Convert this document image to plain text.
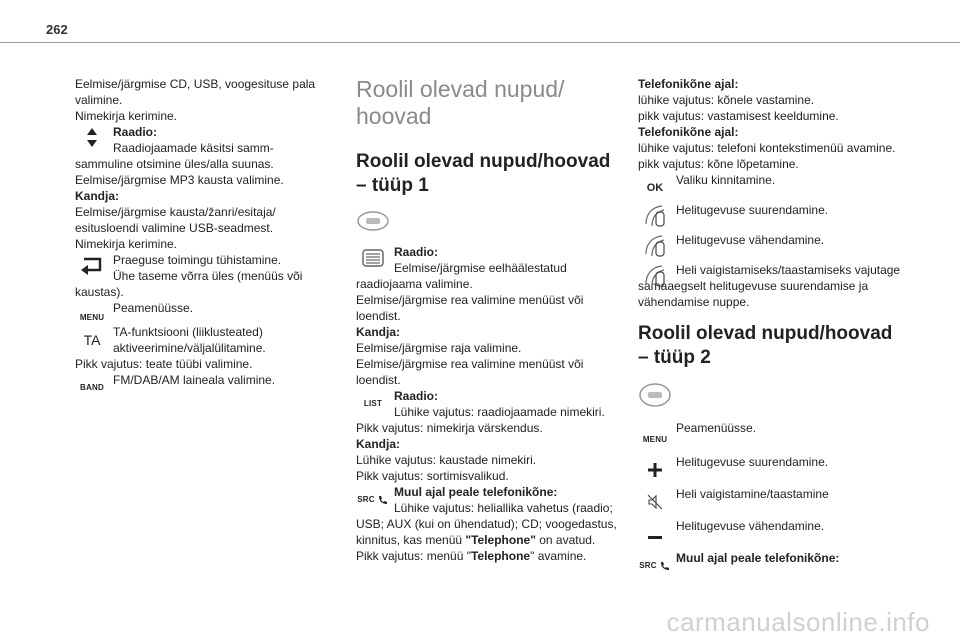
262

Eelmise/järgmise CD, USB, voogesituse pala valimine.

Nimekirja kerimine.

Raadio:

Raadiojaamade käsitsi samm-sammuline otsimine üles/alla suunas.

Eelmise/järgmise MP3 kausta valimine.

Kandja:

Eelmise/järgmise kausta/žanri/esitaja/ esitusloendi valimine USB-seadmest.

Nimekirja kerimine.

Praeguse toimingu tühistamine.

Ühe taseme võrra üles (menüüs või kaustas).

MENU

Peamenüüsse.

TA TA-funktsiooni (liiklusteated) aktiveerimine/väljalülitamine.

Pikk vajutus: teate tüübi valimine.

BAND

FM/DAB/AM laineala valimine.

Roolil olevad nupud/ hoovad
Roolil olevad nupud/hoovad – tüüp 1

Raadio:

Eelmise/järgmise eelhäälestatud raadiojaama valimine.

Eelmise/järgmise rea valimine menüüst või loendist.

Kandja:

Eelmise/järgmise raja valimine.

Eelmise/järgmise rea valimine menüüst või loendist.

LIST

Raadio:

Lühike vajutus: raadiojaamade nimekiri.

Pikk vajutus: nimekirja värskendus.

Kandja:

Lühike vajutus: kaustade nimekiri.

Pikk vajutus: sortimisvalikud.

SRC

Muul ajal peale telefonikõne:

Lühike vajutus: heliallika vahetus (raadio; USB; AUX (kui on ühendatud); CD; voogedastus, kinnitus, kas menüü "Telephone" on avatud.

Pikk vajutus: menüü "Telephone" avamine.

Telefonikõne ajal:

lühike vajutus: kõnele vastamine.

pikk vajutus: vastamisest keeldumine.

Telefonikõne ajal:

lühike vajutus: telefoni kontekstimenüü avamine.

pikk vajutus: kõne lõpetamine.

OK

Valiku kinnitamine.

Helitugevuse suurendamine.

Helitugevuse vähendamine.

Heli vaigistamiseks/taastamiseks vajutage samaaegselt helitugevuse suurendamise ja vähendamise nuppe.

Roolil olevad nupud/hoovad – tüüp 2
MENU

Peamenüüsse.

Helitugevuse suurendamine.

Heli vaigistamine/taastamine

Helitugevuse vähendamine.

SRC

Muul ajal peale telefonikõne:

carmanualsonline.info
